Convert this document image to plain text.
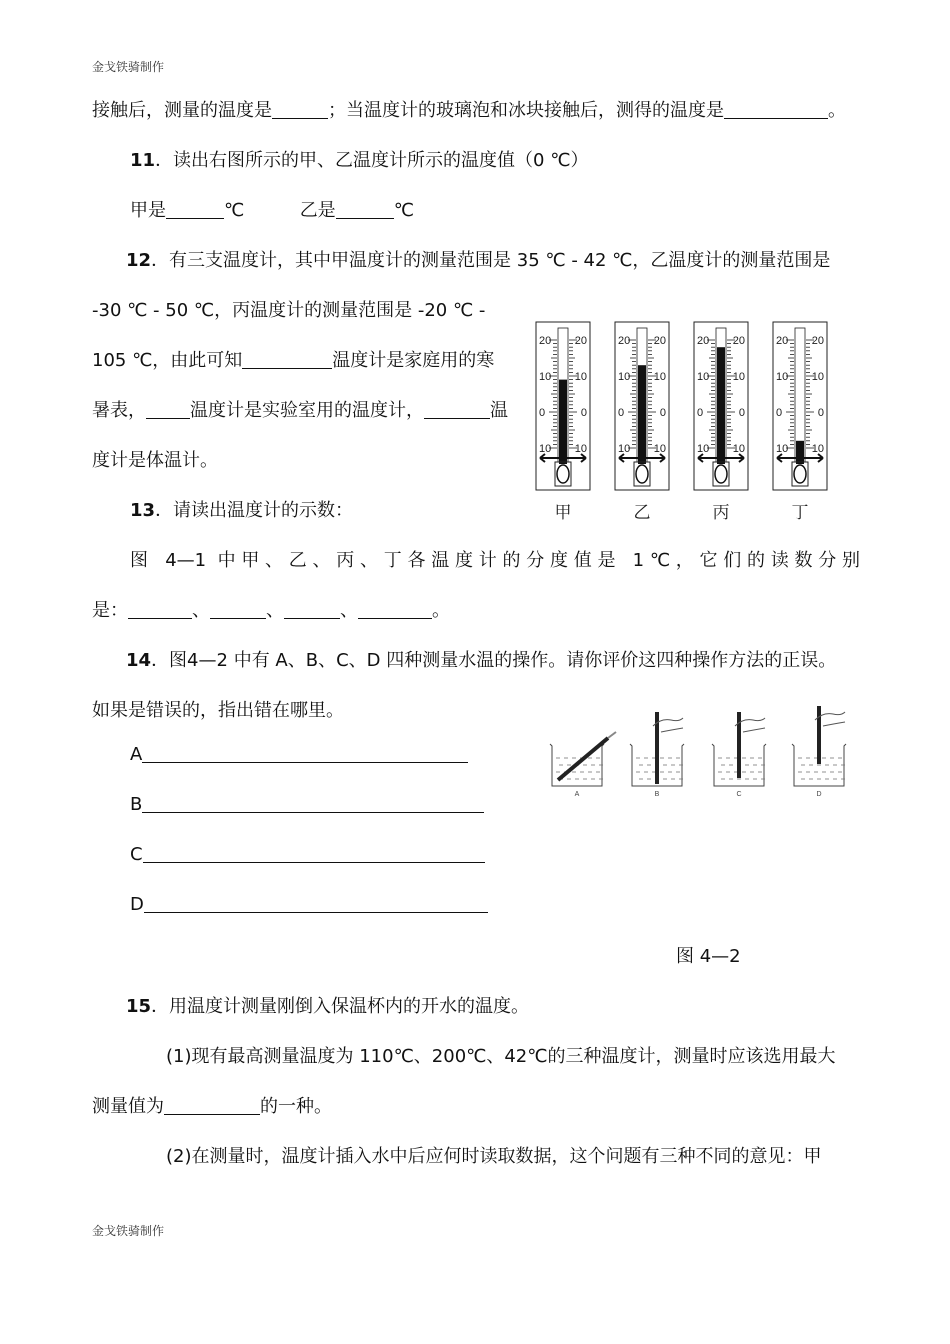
金戈铁骑制作
接触后，测量的温度是	；当温度计的玻璃泡和冰块接触后，测得的温度是	。
11．读出右图所示的甲、乙温度计所示的温度值（0 ℃）
甲是	℃	乙是	℃
12．有三支温度计，其中甲温度计的测量范围是 35 ℃ - 42 ℃，乙温度计的测量范围是
-30 ℃ - 50 ℃，丙温度计的测量范围是 -20 ℃ -
105 ℃，由此可知	温度计是家庭用的寒
暑表， 温度计是实验室用的温度计，	温
度计是体温计。
20 20
10 10
0	0
10 10
甲
20 20
10 10
0	0
10 10
乙
20 20
10 10
0	0
10 10
丙
20 20
10 10
0	0
10 10
丁
13．请读出温度计的示数：
图 4—1 中甲、乙、丙、丁各温度计的分度值是 1℃，它们的读数分别
是：	、	、	、	。
14．图4—2 中有 A、B、C、D 四种测量水温的操作。请你评价这四种操作方法的正误。
如果是错误的，指出错在哪里。
A
B
C
D
A	B	C	D
图 4—2
15．用温度计测量刚倒入保温杯内的开水的温度。
(1)现有最高测量温度为 110℃、200℃、42℃的三种温度计，测量时应该选用最大
测量值为	的一种。
(2)在测量时，温度计插入水中后应何时读取数据，这个问题有三种不同的意见：甲
金戈铁骑制作
